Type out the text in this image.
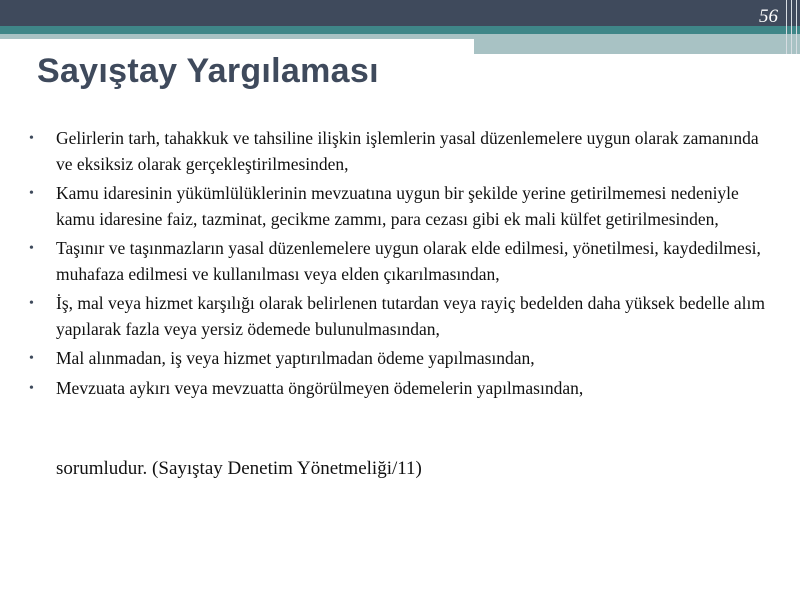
56
Sayıştay Yargılaması
• Gelirlerin tarh, tahakkuk ve tahsiline ilişkin işlemlerin yasal düzenlemelere uygun olarak zamanında ve eksiksiz olarak gerçekleştirilmesinden,
• Kamu idaresinin yükümlülüklerinin mevzuatına uygun bir şekilde yerine getirilmemesi nedeniyle kamu idaresine faiz, tazminat, gecikme zammı, para cezası gibi ek mali külfet getirilmesinden,
• Taşınır ve taşınmazların yasal düzenlemelere uygun olarak elde edilmesi, yönetilmesi, kaydedilmesi, muhafaza edilmesi ve kullanılması veya elden çıkarılmasından,
• İş, mal veya hizmet karşılığı olarak belirlenen tutardan veya rayiç bedelden daha yüksek bedelle alım yapılarak fazla veya yersiz ödemede bulunulmasından,
• Mal alınmadan, iş veya hizmet yaptırılmadan ödeme yapılmasından,
• Mevzuata aykırı veya mevzuatta öngörülmeyen ödemelerin yapılmasından,
sorumludur. (Sayıştay Denetim Yönetmeliği/11)
